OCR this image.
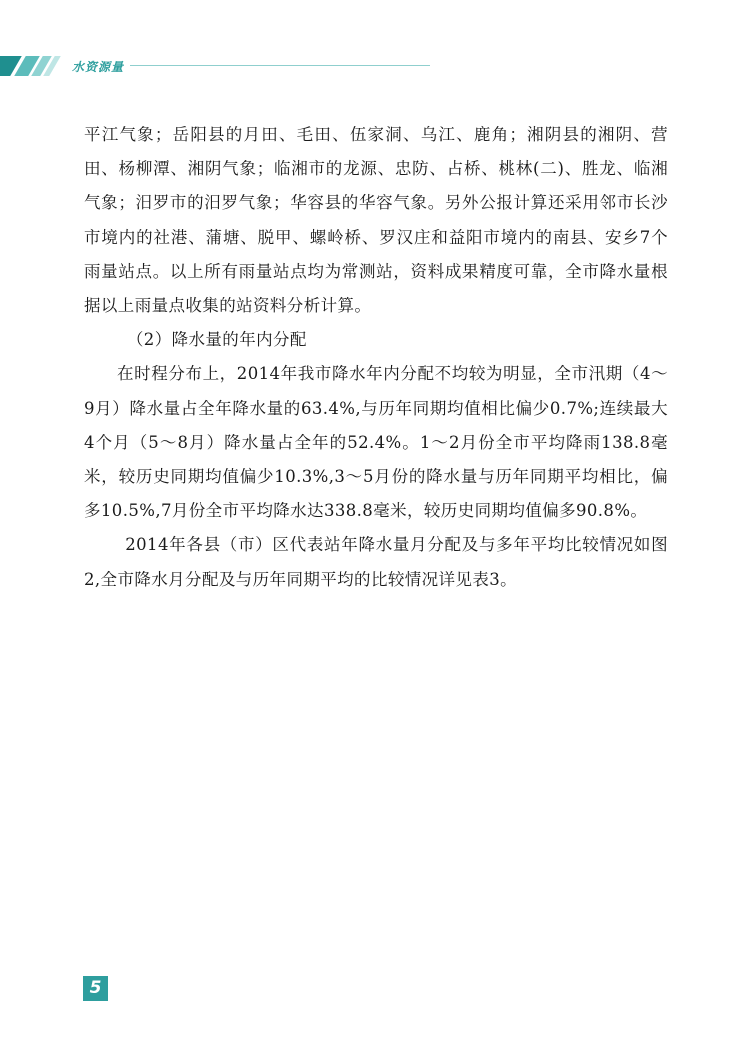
水资源量

平江气象；岳阳县的月田、毛田、伍家洞、乌江、鹿角；湘阴县的湘阴、营田、杨柳潭、湘阴气象；临湘市的龙源、忠防、占桥、桃林(二)、胜龙、临湘气象；汨罗市的汨罗气象；华容县的华容气象。另外公报计算还采用邻市长沙市境内的社港、蒲塘、脱甲、螺岭桥、罗汉庄和益阳市境内的南县、安乡7个雨量站点。以上所有雨量站点均为常测站，资料成果精度可靠，全市降水量根据以上雨量点收集的站资料分析计算。

（2）降水量的年内分配

在时程分布上，2014年我市降水年内分配不均较为明显，全市汛期（4～9月）降水量占全年降水量的63.4%,与历年同期均值相比偏少0.7%;连续最大4个月（5～8月）降水量占全年的52.4%。1～2月份全市平均降雨138.8毫米，较历史同期均值偏少10.3%,3～5月份的降水量与历年同期平均相比，偏多10.5%,7月份全市平均降水达338.8毫米，较历史同期均值偏多90.8%。

2014年各县（市）区代表站年降水量月分配及与多年平均比较情况如图2,全市降水月分配及与历年同期平均的比较情况详见表3。

5
